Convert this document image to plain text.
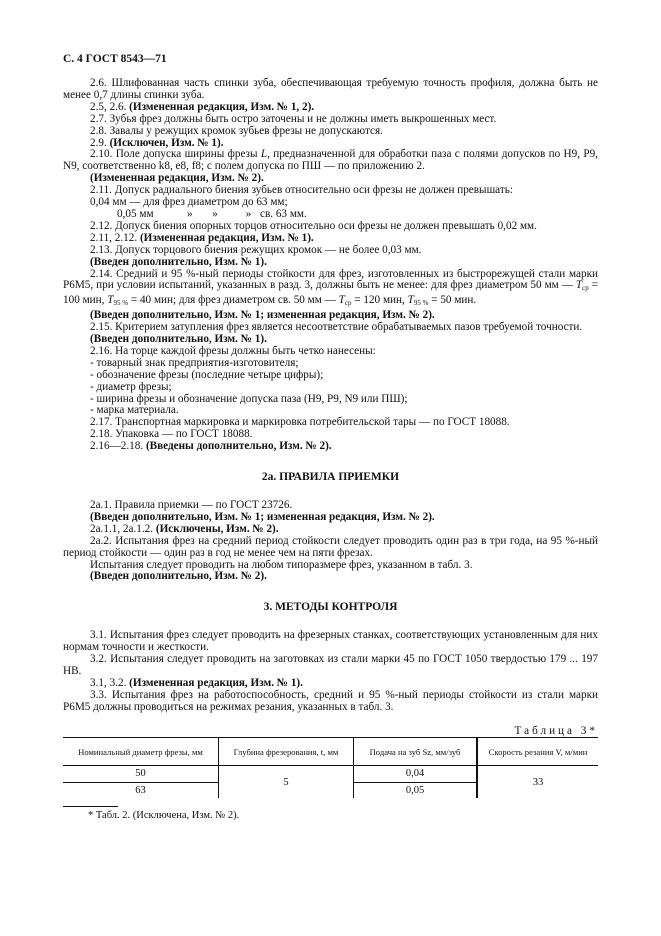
С. 4 ГОСТ 8543—71

2.6. Шлифованная часть спинки зуба, обеспечивающая требуемую точность профиля, должна быть не менее 0,7 длины спинки зуба.

2.5, 2.6. (Измененная редакция, Изм. № 1, 2).

2.7. Зубья фрез должны быть остро заточены и не должны иметь выкрошенных мест.

2.8. Завалы у режущих кромок зубьев фрезы не допускаются.

2.9. (Исключен, Изм. № 1).

2.10. Поле допуска ширины фрезы L, предназначенной для обработки паза с полями допусков по H9, P9, N9, соответственно k8, e8, f8; с полем допуска по ПШ — по приложению 2.

(Измененная редакция, Изм. № 2).

2.11. Допуск радиального биения зубьев относительно оси фрезы не должен превышать:

0,04 мм — для фрез диаметром до 63 мм;

0,05 мм	»       »          » св. 63 мм.

2.12. Допуск биения опорных торцов относительно оси фрезы не должен превышать 0,02 мм.

2.11, 2.12. (Измененная редакция, Изм. № 1).

2.13. Допуск торцового биения режущих кромок — не более 0,03 мм.

(Введен дополнительно, Изм. № 1).

2.14. Средний и 95 %-ный периоды стойкости для фрез, изготовленных из быстрорежущей стали марки Р6М5, при условии испытаний, указанных в разд. 3, должны быть не менее: для фрез диаметром 50 мм — $T_{ср} = 100$ мин, $T_{95 \%} = 40$ мин; для фрез диаметром св. 50 мм — $T_{ср} = 120$ мин, $T_{95 \%} = 50$ мин.

(Введен дополнительно, Изм. № 1; измененная редакция, Изм. № 2).

2.15. Критерием затупления фрез является несоответствие обрабатываемых пазов требуемой точности.

(Введен дополнительно, Изм. № 1).

2.16. На торце каждой фрезы должны быть четко нанесены:

- товарный знак предприятия-изготовителя;

- обозначение фрезы (последние четыре цифры);

- диаметр фрезы;

- ширина фрезы и обозначение допуска паза (H9, P9, N9 или ПШ);

- марка материала.

2.17. Транспортная маркировка и маркировка потребительской тары — по ГОСТ 18088.

2.18. Упаковка — по ГОСТ 18088.

2.16—2.18. (Введены дополнительно, Изм. № 2).

2а. ПРАВИЛА ПРИЕМКИ

2а.1. Правила приемки — по ГОСТ 23726.

(Введен дополнительно, Изм. № 1; измененная редакция, Изм. № 2).

2а.1.1, 2а.1.2. (Исключены, Изм. № 2).

2а.2. Испытания фрез на средний период стойкости следует проводить один раз в три года, на 95 %-ный период стойкости — один раз в год не менее чем на пяти фрезах.

Испытания следует проводить на любом типоразмере фрез, указанном в табл. 3.

(Введен дополнительно, Изм. № 2).

3. МЕТОДЫ КОНТРОЛЯ

3.1. Испытания фрез следует проводить на фрезерных станках, соответствующих установленным для них нормам точности и жесткости.

3.2. Испытания следует проводить на заготовках из стали марки 45 по ГОСТ 1050 твердостью 179 ... 197 НВ.

3.1, 3.2. (Измененная редакция, Изм. № 1).

3.3. Испытания фрез на работоспособность, средний и 95 %-ный периоды стойкости из стали марки Р6М5 должны проводиться на режимах резания, указанных в табл. 3.

Таблица 3*

Номинальный диаметр фрезы, мм	Глубина фрезерования, t, мм	Подача на зуб Sz, мм/зуб	Скорость резания V, м/мин
50	5	0,04	33
63		0,05	
* Табл. 2. (Исключена, Изм. № 2).
